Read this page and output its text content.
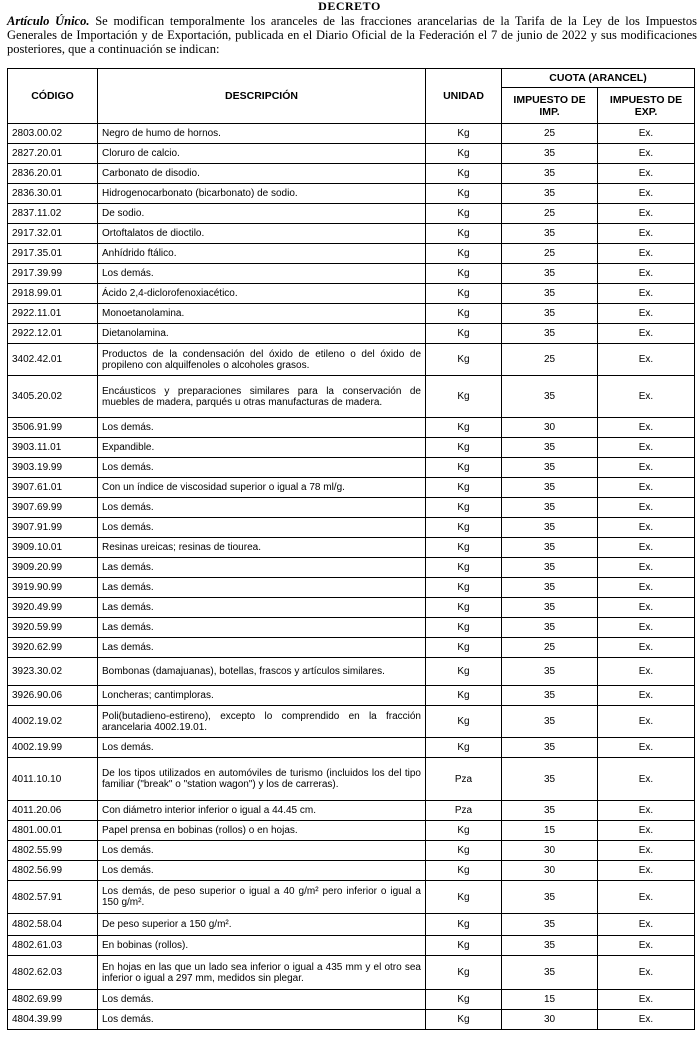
DECRETO
Artículo Único. Se modifican temporalmente los aranceles de las fracciones arancelarias de la Tarifa de la Ley de los Impuestos Generales de Importación y de Exportación, publicada en el Diario Oficial de la Federación el 7 de junio de 2022 y sus modificaciones posteriores, que a continuación se indican:
CÓDIGO	DESCRIPCIÓN	UNIDAD	CUOTA (ARANCEL)	
			IMPUESTO DE IMP.	IMPUESTO DE EXP.
2803.00.02	Negro de humo de hornos.	Kg	25	Ex.
2827.20.01	Cloruro de calcio.	Kg	35	Ex.
2836.20.01	Carbonato de disodio.	Kg	35	Ex.
2836.30.01	Hidrogenocarbonato (bicarbonato) de sodio.	Kg	35	Ex.
2837.11.02	De sodio.	Kg	25	Ex.
2917.32.01	Ortoftalatos de dioctilo.	Kg	35	Ex.
2917.35.01	Anhídrido ftálico.	Kg	25	Ex.
2917.39.99	Los demás.	Kg	35	Ex.
2918.99.01	Ácido 2,4-diclorofenoxiacético.	Kg	35	Ex.
2922.11.01	Monoetanolamina.	Kg	35	Ex.
2922.12.01	Dietanolamina.	Kg	35	Ex.
3402.42.01	Productos de la condensación del óxido de etileno o del óxido de propileno con alquilfenoles o alcoholes grasos.	Kg	25	Ex.
3405.20.02	Encáusticos y preparaciones similares para la conservación de muebles de madera, parqués u otras manufacturas de madera.	Kg	35	Ex.
3506.91.99	Los demás.	Kg	30	Ex.
3903.11.01	Expandible.	Kg	35	Ex.
3903.19.99	Los demás.	Kg	35	Ex.
3907.61.01	Con un índice de viscosidad superior o igual a 78 ml/g.	Kg	35	Ex.
3907.69.99	Los demás.	Kg	35	Ex.
3907.91.99	Los demás.	Kg	35	Ex.
3909.10.01	Resinas ureicas; resinas de tiourea.	Kg	35	Ex.
3909.20.99	Las demás.	Kg	35	Ex.
3919.90.99	Las demás.	Kg	35	Ex.
3920.49.99	Las demás.	Kg	35	Ex.
3920.59.99	Las demás.	Kg	35	Ex.
3920.62.99	Las demás.	Kg	25	Ex.
3923.30.02	Bombonas (damajuanas), botellas, frascos y artículos similares.	Kg	35	Ex.
3926.90.06	Loncheras; cantimploras.	Kg	35	Ex.
4002.19.02	Poli(butadieno-estireno), excepto lo comprendido en la fracción arancelaria 4002.19.01.	Kg	35	Ex.
4002.19.99	Los demás.	Kg	35	Ex.
4011.10.10	De los tipos utilizados en automóviles de turismo (incluidos los del tipo familiar ("break" o "station wagon") y los de carreras).	Pza	35	Ex.
4011.20.06	Con diámetro interior inferior o igual a 44.45 cm.	Pza	35	Ex.
4801.00.01	Papel prensa en bobinas (rollos) o en hojas.	Kg	15	Ex.
4802.55.99	Los demás.	Kg	30	Ex.
4802.56.99	Los demás.	Kg	30	Ex.
4802.57.91	Los demás, de peso superior o igual a 40 g/m² pero inferior o igual a 150 g/m².	Kg	35	Ex.
4802.58.04	De peso superior a 150 g/m².	Kg	35	Ex.
4802.61.03	En bobinas (rollos).	Kg	35	Ex.
4802.62.03	En hojas en las que un lado sea inferior o igual a 435 mm y el otro sea inferior o igual a 297 mm, medidos sin plegar.	Kg	35	Ex.
4802.69.99	Los demás.	Kg	15	Ex.
4804.39.99	Los demás.	Kg	30	Ex.
